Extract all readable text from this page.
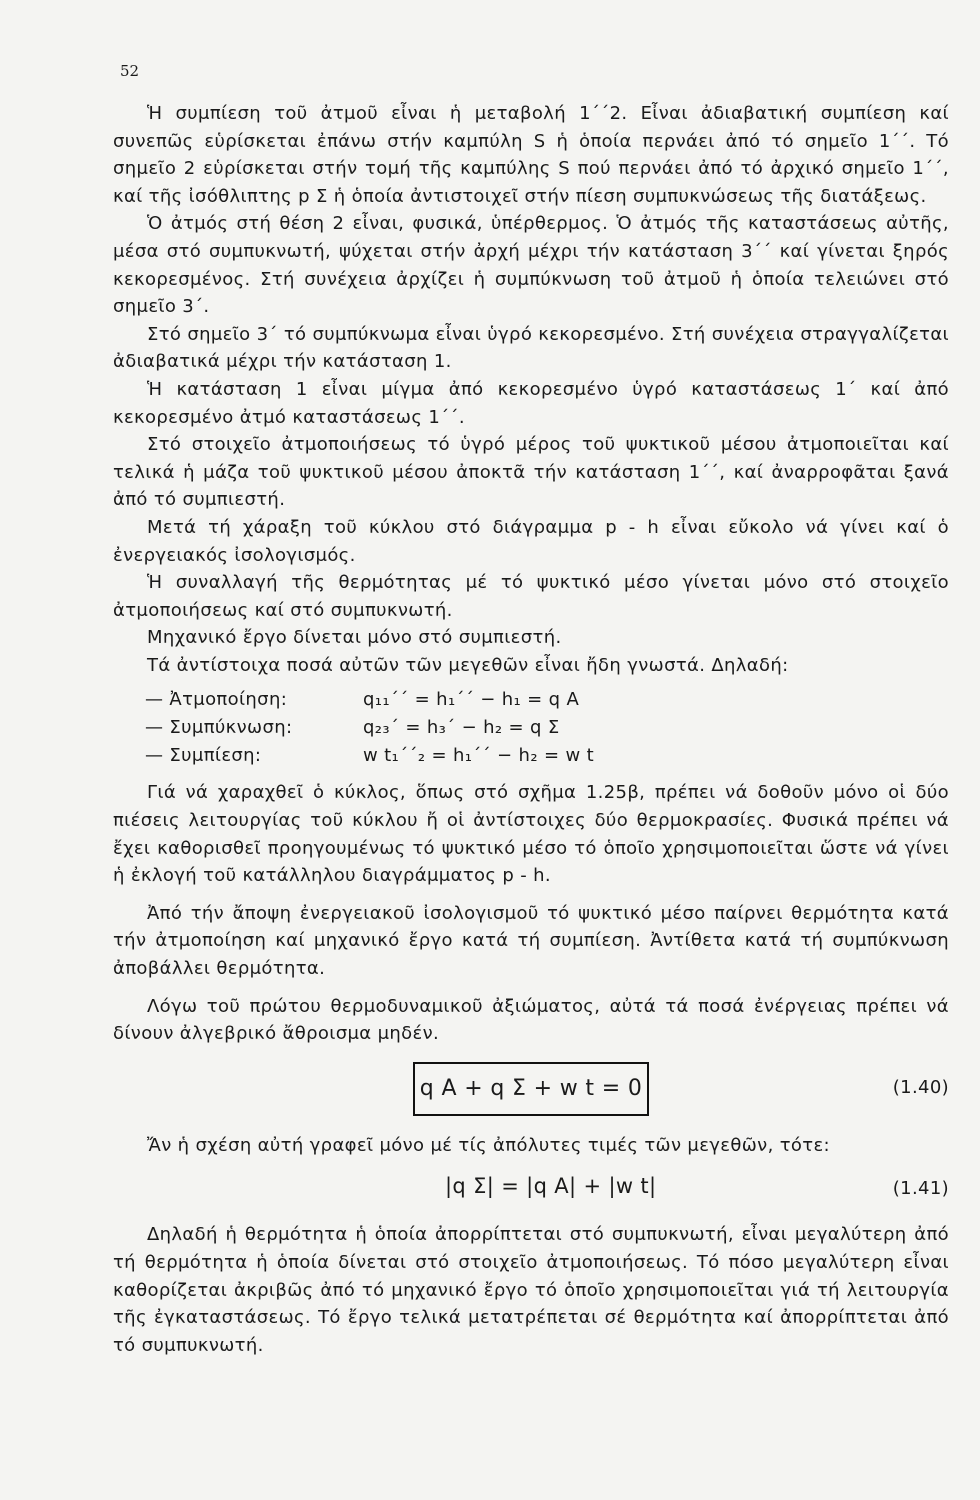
52

Ἡ συμπίεση τοῦ ἀτμοῦ εἶναι ἡ μεταβολή 1΄΄2. Εἶναι ἀδιαβατική συμπίεση καί συνεπῶς εὑρίσκεται ἐπάνω στήν καμπύλη S ἡ ὁποία περνάει ἀπό τό σημεῖο 1΄΄. Τό σημεῖο 2 εὑρίσκεται στήν τομή τῆς καμπύλης S πού περνάει ἀπό τό ἀρχικό σημεῖο 1΄΄, καί τῆς ἰσόθλιπτης p Σ ἡ ὁποία ἀντιστοιχεῖ στήν πίεση συμπυκνώσεως τῆς διατάξεως.

Ὁ ἀτμός στή θέση 2 εἶναι, φυσικά, ὑπέρθερμος. Ὁ ἀτμός τῆς καταστάσεως αὐτῆς, μέσα στό συμπυκνωτή, ψύχεται στήν ἀρχή μέχρι τήν κατάσταση 3΄΄ καί γίνεται ξηρός κεκορεσμένος. Στή συνέχεια ἀρχίζει ἡ συμπύκνωση τοῦ ἀτμοῦ ἡ ὁποία τελειώνει στό σημεῖο 3΄.

Στό σημεῖο 3΄ τό συμπύκνωμα εἶναι ὑγρό κεκορεσμένο. Στή συνέχεια στραγγαλίζεται ἀδιαβατικά μέχρι τήν κατάσταση 1.

Ἡ κατάσταση 1 εἶναι μίγμα ἀπό κεκορεσμένο ὑγρό καταστάσεως 1΄ καί ἀπό κεκορεσμένο ἀτμό καταστάσεως 1΄΄.

Στό στοιχεῖο ἀτμοποιήσεως τό ὑγρό μέρος τοῦ ψυκτικοῦ μέσου ἀτμοποιεῖται καί τελικά ἡ μάζα τοῦ ψυκτικοῦ μέσου ἀποκτᾶ τήν κατάσταση 1΄΄, καί ἀναρροφᾶται ξανά ἀπό τό συμπιεστή.

Μετά τή χάραξη τοῦ κύκλου στό διάγραμμα p - h εἶναι εὔκολο νά γίνει καί ὁ ἐνεργειακός ἰσολογισμός.

Ἡ συναλλαγή τῆς θερμότητας μέ τό ψυκτικό μέσο γίνεται μόνο στό στοιχεῖο ἀτμοποιήσεως καί στό συμπυκνωτή.

Μηχανικό ἔργο δίνεται μόνο στό συμπιεστή.

Τά ἀντίστοιχα ποσά αὐτῶν τῶν μεγεθῶν εἶναι ἤδη γνωστά. Δηλαδή:

— Ἀτμοποίηση:	q₁₁΄΄ = h₁΄΄ − h₁ = q A
— Συμπύκνωση:	q₂₃΄ = h₃΄ − h₂ = q Σ
— Συμπίεση:	w t₁΄΄₂ = h₁΄΄ − h₂ = w t

Γιά νά χαραχθεῖ ὁ κύκλος, ὅπως στό σχῆμα 1.25β, πρέπει νά δοθοῦν μόνο οἱ δύο πιέσεις λειτουργίας τοῦ κύκλου ἤ οἱ ἀντίστοιχες δύο θερμοκρασίες. Φυσικά πρέπει νά ἔχει καθορισθεῖ προηγουμένως τό ψυκτικό μέσο τό ὁποῖο χρησιμοποιεῖται ὥστε νά γίνει ἡ ἐκλογή τοῦ κατάλληλου διαγράμματος p - h.

Ἀπό τήν ἄποψη ἐνεργειακοῦ ἰσολογισμοῦ τό ψυκτικό μέσο παίρνει θερμότητα κατά τήν ἀτμοποίηση καί μηχανικό ἔργο κατά τή συμπίεση. Ἀντίθετα κατά τή συμπύκνωση ἀποβάλλει θερμότητα.

Λόγω τοῦ πρώτου θερμοδυναμικοῦ ἀξιώματος, αὐτά τά ποσά ἐνέργειας πρέπει νά δίνουν ἀλγεβρικό ἄθροισμα μηδέν.

q A + q Σ + w t = 0	(1.40)

Ἄν ἡ σχέση αὐτή γραφεῖ μόνο μέ τίς ἀπόλυτες τιμές τῶν μεγεθῶν, τότε:

|q Σ| = |q A| + |w t|	(1.41)

Δηλαδή ἡ θερμότητα ἡ ὁποία ἀπορρίπτεται στό συμπυκνωτή, εἶναι μεγαλύτερη ἀπό τή θερμότητα ἡ ὁποία δίνεται στό στοιχεῖο ἀτμοποιήσεως. Τό πόσο μεγαλύτερη εἶναι καθορίζεται ἀκριβῶς ἀπό τό μηχανικό ἔργο τό ὁποῖο χρησιμοποιεῖται γιά τή λειτουργία τῆς ἐγκαταστάσεως. Τό ἔργο τελικά μετατρέπεται σέ θερμότητα καί ἀπορρίπτεται ἀπό τό συμπυκνωτή.
